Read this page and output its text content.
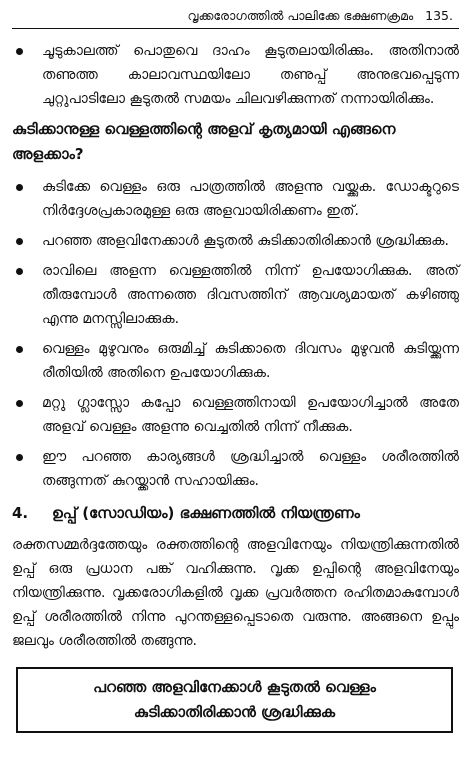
വൃക്കരോഗത്തിൽ പാലിക്കേ ഭക്ഷണക്രമം 135.
ചൂടുകാലത്ത് പൊതുവെ ദാഹം കൂടുതലായിരിക്കും. അതിനാൽ തണുത്ത കാലാവസ്ഥയിലോ തണുപ്പ് അനുഭവപ്പെടുന്ന ചുറ്റുപാടിലോ കൂടുതൽ സമയം ചിലവഴിക്കുന്നത് നന്നായിരിക്കും.
കുടിക്കാനുള്ള വെള്ളത്തിന്റെ അളവ് കൃത്യമായി എങ്ങനെ അളക്കാം?
കുടിക്കേ വെള്ളം ഒരു പാത്രത്തിൽ അളന്നു വയ്ക്കുക. ഡോക്ടറുടെ നിർദ്ദേശപ്രകാരമുള്ള ഒരു അളവായിരിക്കണം ഇത്.
പറഞ്ഞ അളവിനേക്കാൾ കൂടുതൽ കുടിക്കാതിരിക്കാൻ ശ്രദ്ധിക്കുക.
രാവിലെ അളന്ന വെള്ളത്തിൽ നിന്ന് ഉപയോഗിക്കുക. അത് തീരുമ്പോൾ അന്നത്തെ ദിവസത്തിന് ആവശ്യമായത് കഴിഞ്ഞു എന്നു മനസ്സിലാക്കുക.
വെള്ളം മുഴുവനും ഒരുമിച്ച് കുടിക്കാതെ ദിവസം മുഴുവൻ കുടിയ്ക്കുന്ന രീതിയിൽ അതിനെ ഉപയോഗിക്കുക.
മറ്റു ഗ്ലാസ്സോ കപ്പോ വെള്ളത്തിനായി ഉപയോഗിച്ചാൽ അതേ അളവ് വെള്ളം അളന്നു വെച്ചതിൽ നിന്ന് നീക്കുക.
ഈ പറഞ്ഞ കാര്യങ്ങൾ ശ്രദ്ധിച്ചാൽ വെള്ളം ശരീരത്തിൽ തങ്ങുന്നത് കുറയ്ക്കാൻ സഹായിക്കും.
4.	ഉപ്പ് (സോഡിയം) ഭക്ഷണത്തിൽ നിയന്ത്രണം

രക്തസമ്മർദ്ദത്തേയും രക്തത്തിന്റെ അളവിനേയും നിയന്ത്രിക്കുന്നതിൽ ഉപ്പ് ഒരു പ്രധാന പങ്ക് വഹിക്കുന്നു. വൃക്ക ഉപ്പിന്റെ അളവിനേയും നിയന്ത്രിക്കുന്നു. വൃക്കരോഗികളിൽ വൃക്ക പ്രവർത്തന രഹിതമാകുമ്പോൾ ഉപ്പ് ശരീരത്തിൽ നിന്നു പുറന്തള്ളപ്പെടാതെ വരുന്നു. അങ്ങനെ ഉപ്പും ജലവും ശരീരത്തിൽ തങ്ങുന്നു.

പറഞ്ഞ അളവിനേക്കാൾ കൂടുതൽ വെള്ളം
കുടിക്കാതിരിക്കാൻ ശ്രദ്ധിക്കുക
